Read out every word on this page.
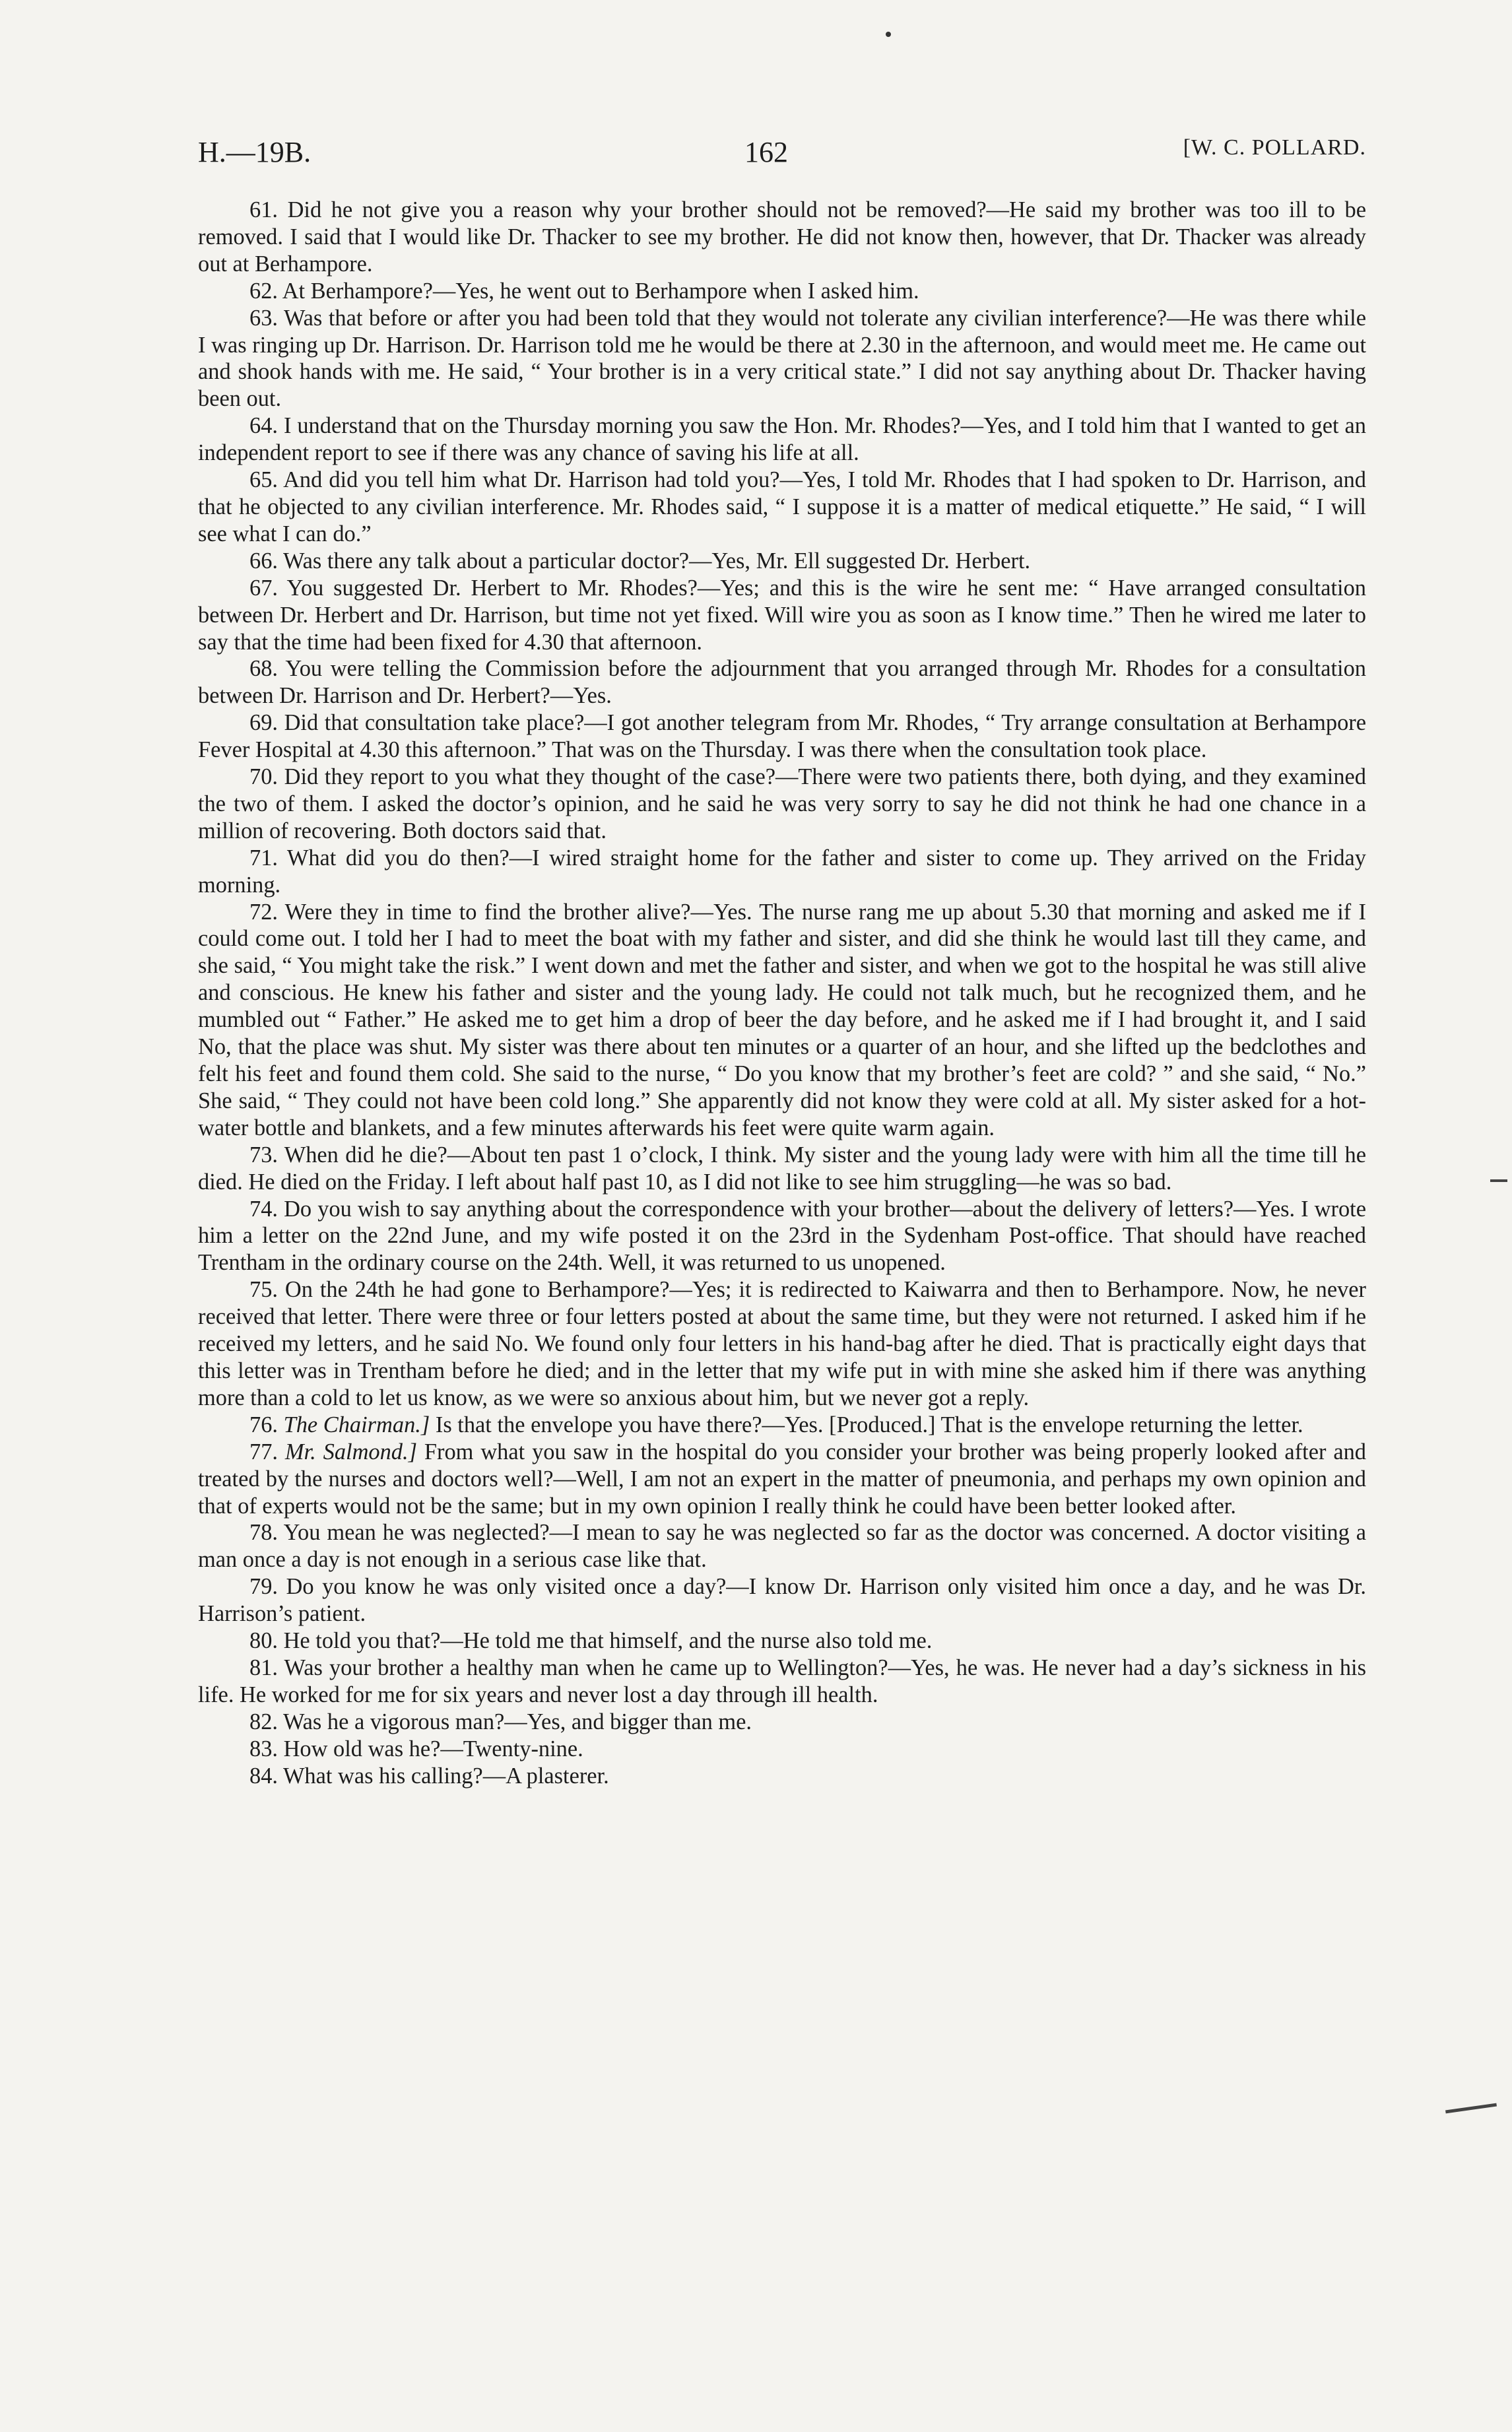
H.—19B.	162	[W. C. POLLARD.

61. Did he not give you a reason why your brother should not be removed?—He said my brother was too ill to be removed. I said that I would like Dr. Thacker to see my brother. He did not know then, however, that Dr. Thacker was already out at Berhampore.

62. At Berhampore?—Yes, he went out to Berhampore when I asked him.

63. Was that before or after you had been told that they would not tolerate any civilian interference?—He was there while I was ringing up Dr. Harrison. Dr. Harrison told me he would be there at 2.30 in the afternoon, and would meet me. He came out and shook hands with me. He said, “ Your brother is in a very critical state.” I did not say anything about Dr. Thacker having been out.

64. I understand that on the Thursday morning you saw the Hon. Mr. Rhodes?—Yes, and I told him that I wanted to get an independent report to see if there was any chance of saving his life at all.

65. And did you tell him what Dr. Harrison had told you?—Yes, I told Mr. Rhodes that I had spoken to Dr. Harrison, and that he objected to any civilian interference. Mr. Rhodes said, “ I suppose it is a matter of medical etiquette.” He said, “ I will see what I can do.”

66. Was there any talk about a particular doctor?—Yes, Mr. Ell suggested Dr. Herbert.

67. You suggested Dr. Herbert to Mr. Rhodes?—Yes; and this is the wire he sent me: “ Have arranged consultation between Dr. Herbert and Dr. Harrison, but time not yet fixed. Will wire you as soon as I know time.” Then he wired me later to say that the time had been fixed for 4.30 that afternoon.

68. You were telling the Commission before the adjournment that you arranged through Mr. Rhodes for a consultation between Dr. Harrison and Dr. Herbert?—Yes.

69. Did that consultation take place?—I got another telegram from Mr. Rhodes, “ Try arrange consultation at Berhampore Fever Hospital at 4.30 this afternoon.” That was on the Thursday. I was there when the consultation took place.

70. Did they report to you what they thought of the case?—There were two patients there, both dying, and they examined the two of them. I asked the doctor’s opinion, and he said he was very sorry to say he did not think he had one chance in a million of recovering. Both doctors said that.

71. What did you do then?—I wired straight home for the father and sister to come up. They arrived on the Friday morning.

72. Were they in time to find the brother alive?—Yes. The nurse rang me up about 5.30 that morning and asked me if I could come out. I told her I had to meet the boat with my father and sister, and did she think he would last till they came, and she said, “ You might take the risk.” I went down and met the father and sister, and when we got to the hospital he was still alive and conscious. He knew his father and sister and the young lady. He could not talk much, but he recognized them, and he mumbled out “ Father.” He asked me to get him a drop of beer the day before, and he asked me if I had brought it, and I said No, that the place was shut. My sister was there about ten minutes or a quarter of an hour, and she lifted up the bedclothes and felt his feet and found them cold. She said to the nurse, “ Do you know that my brother’s feet are cold? ” and she said, “ No.” She said, “ They could not have been cold long.” She apparently did not know they were cold at all. My sister asked for a hot-water bottle and blankets, and a few minutes afterwards his feet were quite warm again.

73. When did he die?—About ten past 1 o’clock, I think. My sister and the young lady were with him all the time till he died. He died on the Friday. I left about half past 10, as I did not like to see him struggling—he was so bad.

74. Do you wish to say anything about the correspondence with your brother—about the delivery of letters?—Yes. I wrote him a letter on the 22nd June, and my wife posted it on the 23rd in the Sydenham Post-office. That should have reached Trentham in the ordinary course on the 24th. Well, it was returned to us unopened.

75. On the 24th he had gone to Berhampore?—Yes; it is redirected to Kaiwarra and then to Berhampore. Now, he never received that letter. There were three or four letters posted at about the same time, but they were not returned. I asked him if he received my letters, and he said No. We found only four letters in his hand-bag after he died. That is practically eight days that this letter was in Trentham before he died; and in the letter that my wife put in with mine she asked him if there was anything more than a cold to let us know, as we were so anxious about him, but we never got a reply.

76. The Chairman.] Is that the envelope you have there?—Yes. [Produced.] That is the envelope returning the letter.

77. Mr. Salmond.] From what you saw in the hospital do you consider your brother was being properly looked after and treated by the nurses and doctors well?—Well, I am not an expert in the matter of pneumonia, and perhaps my own opinion and that of experts would not be the same; but in my own opinion I really think he could have been better looked after.

78. You mean he was neglected?—I mean to say he was neglected so far as the doctor was concerned. A doctor visiting a man once a day is not enough in a serious case like that.

79. Do you know he was only visited once a day?—I know Dr. Harrison only visited him once a day, and he was Dr. Harrison’s patient.

80. He told you that?—He told me that himself, and the nurse also told me.

81. Was your brother a healthy man when he came up to Wellington?—Yes, he was. He never had a day’s sickness in his life. He worked for me for six years and never lost a day through ill health.

82. Was he a vigorous man?—Yes, and bigger than me.

83. How old was he?—Twenty-nine.

84. What was his calling?—A plasterer.
